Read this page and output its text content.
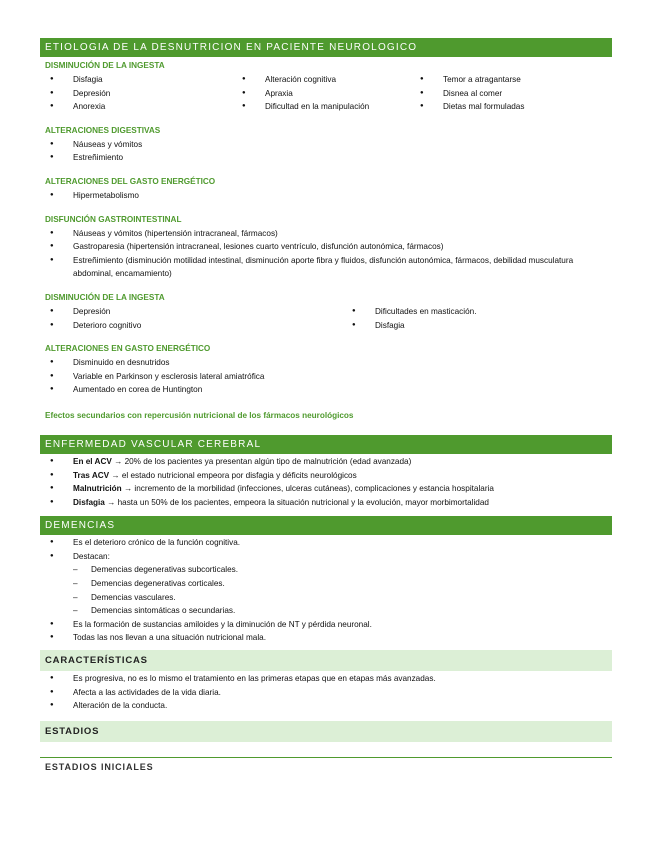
ETIOLOGIA DE LA DESNUTRICION EN PACIENTE NEUROLOGICO
DISMINUCIÓN DE LA INGESTA
● Disfagia
● Depresión
● Anorexia
● Alteración cognitiva
● Apraxia
● Dificultad en la manipulación
● Temor a atragantarse
● Disnea al comer
● Dietas mal formuladas
ALTERACIONES DIGESTIVAS
● Náuseas y vómitos
● Estreñimiento
ALTERACIONES DEL GASTO ENERGÉTICO
● Hipermetabolismo
DISFUNCIÓN GASTROINTESTINAL
● Náuseas y vómitos (hipertensión intracraneal, fármacos)
● Gastroparesia (hipertensión intracraneal, lesiones cuarto ventrículo, disfunción autonómica, fármacos)
● Estreñimiento (disminución motilidad intestinal, disminución aporte fibra y fluidos, disfunción autonómica, fármacos, debilidad musculatura abdominal, encamamiento)
DISMINUCIÓN DE LA INGESTA
● Depresión
● Deterioro cognitivo
● Dificultades en masticación.
● Disfagia
ALTERACIONES EN GASTO ENERGÉTICO
● Disminuido en desnutridos
● Variable en Parkinson y esclerosis lateral amiatrófica
● Aumentado en corea de Huntington
Efectos secundarios con repercusión nutricional de los fármacos neurológicos
ENFERMEDAD VASCULAR CEREBRAL
● En el ACV → 20% de los pacientes ya presentan algún tipo de malnutrición (edad avanzada)
● Tras ACV → el estado nutricional empeora por disfagia y déficits neurológicos
● Malnutrición → incremento de la morbilidad (infecciones, ulceras cutáneas), complicaciones y estancia hospitalaria
● Disfagia → hasta un 50% de los pacientes, empeora la situación nutricional y la evolución, mayor morbimortalidad
DEMENCIAS
● Es el deterioro crónico de la función cognitiva.
● Destacan:
– Demencias degenerativas subcorticales.
– Demencias degenerativas corticales.
– Demencias vasculares.
– Demencias sintomáticas o secundarias.
● Es la formación de sustancias amiloides y la diminución de NT y pérdida neuronal.
● Todas las nos llevan a una situación nutricional mala.
CARACTERÍSTICAS
● Es progresiva, no es lo mismo el tratamiento en las primeras etapas que en etapas más avanzadas.
● Afecta a las actividades de la vida diaria.
● Alteración de la conducta.
ESTADIOS
ESTADIOS INICIALES
